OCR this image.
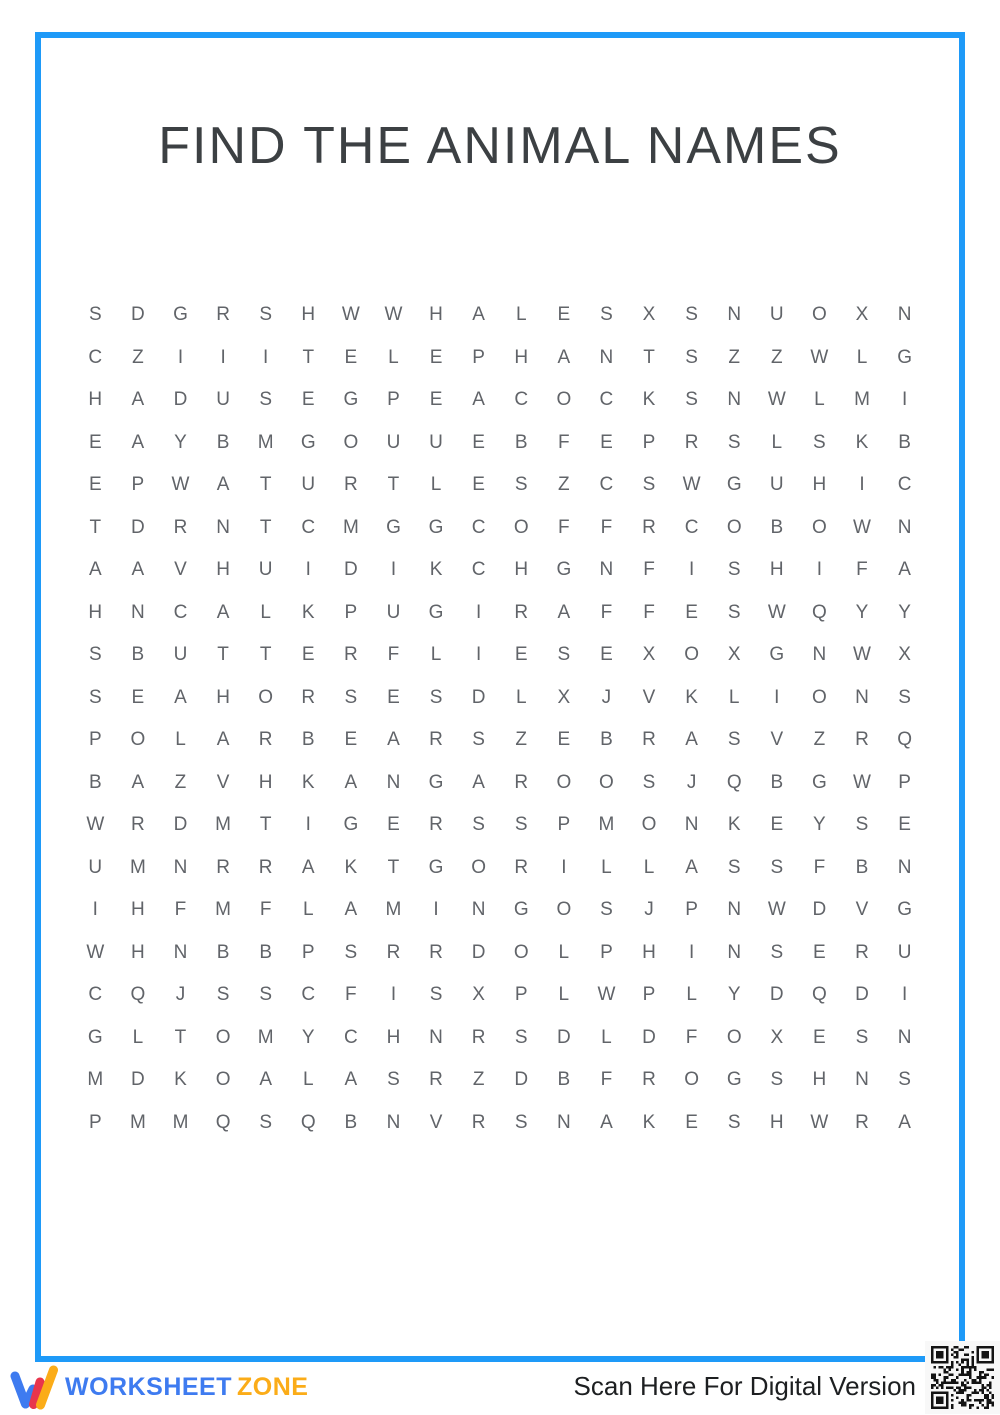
FIND THE ANIMAL NAMES
S	D	G	R	S	H	W	W	H	A	L	E	S	X	S	N	U	O	X	N
C	Z	I	I	I	T	E	L	E	P	H	A	N	T	S	Z	Z	W	L	G
H	A	D	U	S	E	G	P	E	A	C	O	C	K	S	N	W	L	M	I
E	A	Y	B	M	G	O	U	U	E	B	F	E	P	R	S	L	S	K	B
E	P	W	A	T	U	R	T	L	E	S	Z	C	S	W	G	U	H	I	C
T	D	R	N	T	C	M	G	G	C	O	F	F	R	C	O	B	O	W	N
A	A	V	H	U	I	D	I	K	C	H	G	N	F	I	S	H	I	F	A
H	N	C	A	L	K	P	U	G	I	R	A	F	F	E	S	W	Q	Y	Y
S	B	U	T	T	E	R	F	L	I	E	S	E	X	O	X	G	N	W	X
S	E	A	H	O	R	S	E	S	D	L	X	J	V	K	L	I	O	N	S
P	O	L	A	R	B	E	A	R	S	Z	E	B	R	A	S	V	Z	R	Q
B	A	Z	V	H	K	A	N	G	A	R	O	O	S	J	Q	B	G	W	P
W	R	D	M	T	I	G	E	R	S	S	P	M	O	N	K	E	Y	S	E
U	M	N	R	R	A	K	T	G	O	R	I	L	L	A	S	S	F	B	N
I	H	F	M	F	L	A	M	I	N	G	O	S	J	P	N	W	D	V	G
W	H	N	B	B	P	S	R	R	D	O	L	P	H	I	N	S	E	R	U
C	Q	J	S	S	C	F	I	S	X	P	L	W	P	L	Y	D	Q	D	I
G	L	T	O	M	Y	C	H	N	R	S	D	L	D	F	O	X	E	S	N
M	D	K	O	A	L	A	S	R	Z	D	B	F	R	O	G	S	H	N	S
P	M	M	Q	S	Q	B	N	V	R	S	N	A	K	E	S	H	W	R	A
WORKSHEET ZONE	Scan Here For Digital Version
